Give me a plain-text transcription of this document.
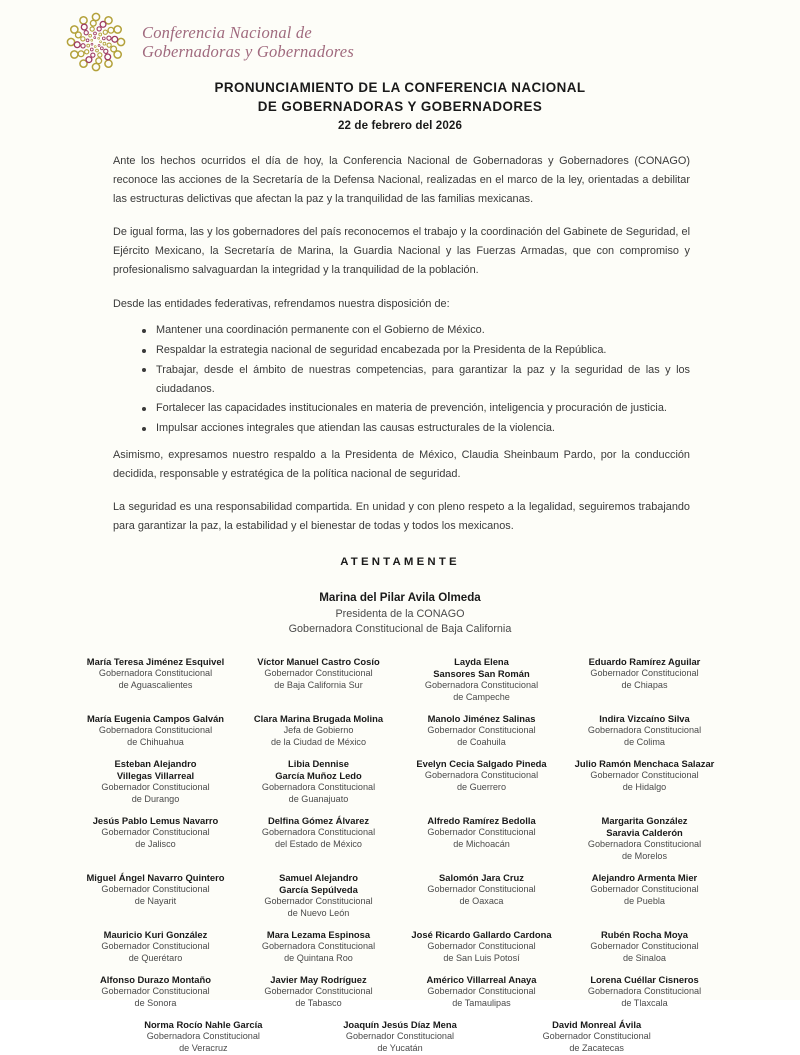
Conferencia Nacional de
Gobernadoras y Gobernadores
PRONUNCIAMIENTO DE LA CONFERENCIA NACIONAL
DE GOBERNADORAS Y GOBERNADORES
22 de febrero del 2026

Ante los hechos ocurridos el día de hoy, la Conferencia Nacional de Gobernadoras y Gobernadores (CONAGO) reconoce las acciones de la Secretaría de la Defensa Nacional, realizadas en el marco de la ley, orientadas a debilitar las estructuras delictivas que afectan la paz y la tranquilidad de las familias mexicanas.

De igual forma, las y los gobernadores del país reconocemos el trabajo y la coordinación del Gabinete de Seguridad, el Ejército Mexicano, la Secretaría de Marina, la Guardia Nacional y las Fuerzas Armadas, que con compromiso y profesionalismo salvaguardan la integridad y la tranquilidad de la población.

Desde las entidades federativas, refrendamos nuestra disposición de:

Mantener una coordinación permanente con el Gobierno de México.
Respaldar la estrategia nacional de seguridad encabezada por la Presidenta de la República.
Trabajar, desde el ámbito de nuestras competencias, para garantizar la paz y la seguridad de las y los ciudadanos.
Fortalecer las capacidades institucionales en materia de prevención, inteligencia y procuración de justicia.
Impulsar acciones integrales que atiendan las causas estructurales de la violencia.

Asimismo, expresamos nuestro respaldo a la Presidenta de México, Claudia Sheinbaum Pardo, por la conducción decidida, responsable y estratégica de la política nacional de seguridad.

La seguridad es una responsabilidad compartida. En unidad y con pleno respeto a la legalidad, seguiremos trabajando para garantizar la paz, la estabilidad y el bienestar de todas y todos los mexicanos.

ATENTAMENTE
Marina del Pilar Avila Olmeda
Presidenta de la CONAGO
Gobernadora Constitucional de Baja California
María Teresa Jiménez Esquivel
Gobernadora Constitucional
de Aguascalientes
Víctor Manuel Castro Cosío
Gobernador Constitucional
de Baja California Sur
Layda Elena
Sansores San Román
Gobernadora Constitucional
de Campeche
Eduardo Ramírez Aguilar
Gobernador Constitucional
de Chiapas
María Eugenia Campos Galván
Gobernadora Constitucional
de Chihuahua
Clara Marina Brugada Molina
Jefa de Gobierno
de la Ciudad de México
Manolo Jiménez Salinas
Gobernador Constitucional
de Coahuila
Indira Vizcaíno Silva
Gobernadora Constitucional
de Colima
Esteban Alejandro
Villegas Villarreal
Gobernador Constitucional
de Durango
Libia Dennise
García Muñoz Ledo
Gobernadora Constitucional
de Guanajuato
Evelyn Cecia Salgado Pineda
Gobernadora Constitucional
de Guerrero
Julio Ramón Menchaca Salazar
Gobernador Constitucional
de Hidalgo
Jesús Pablo Lemus Navarro
Gobernador Constitucional
de Jalisco
Delfina Gómez Álvarez
Gobernadora Constitucional
del Estado de México
Alfredo Ramírez Bedolla
Gobernador Constitucional
de Michoacán
Margarita González
Saravia Calderón
Gobernadora Constitucional
de Morelos
Miguel Ángel Navarro Quintero
Gobernador Constitucional
de Nayarit
Samuel Alejandro
García Sepúlveda
Gobernador Constitucional
de Nuevo León
Salomón Jara Cruz
Gobernador Constitucional
de Oaxaca
Alejandro Armenta Mier
Gobernador Constitucional
de Puebla
Mauricio Kuri González
Gobernador Constitucional
de Querétaro
Mara Lezama Espinosa
Gobernadora Constitucional
de Quintana Roo
José Ricardo Gallardo Cardona
Gobernador Constitucional
de San Luis Potosí
Rubén Rocha Moya
Gobernador Constitucional
de Sinaloa
Alfonso Durazo Montaño
Gobernador Constitucional
de Sonora
Javier May Rodríguez
Gobernador Constitucional
de Tabasco
Américo Villarreal Anaya
Gobernador Constitucional
de Tamaulipas
Lorena Cuéllar Cisneros
Gobernadora Constitucional
de Tlaxcala
Norma Rocío Nahle García
Gobernadora Constitucional
de Veracruz
Joaquín Jesús Díaz Mena
Gobernador Constitucional
de Yucatán
David Monreal Ávila
Gobernador Constitucional
de Zacatecas
